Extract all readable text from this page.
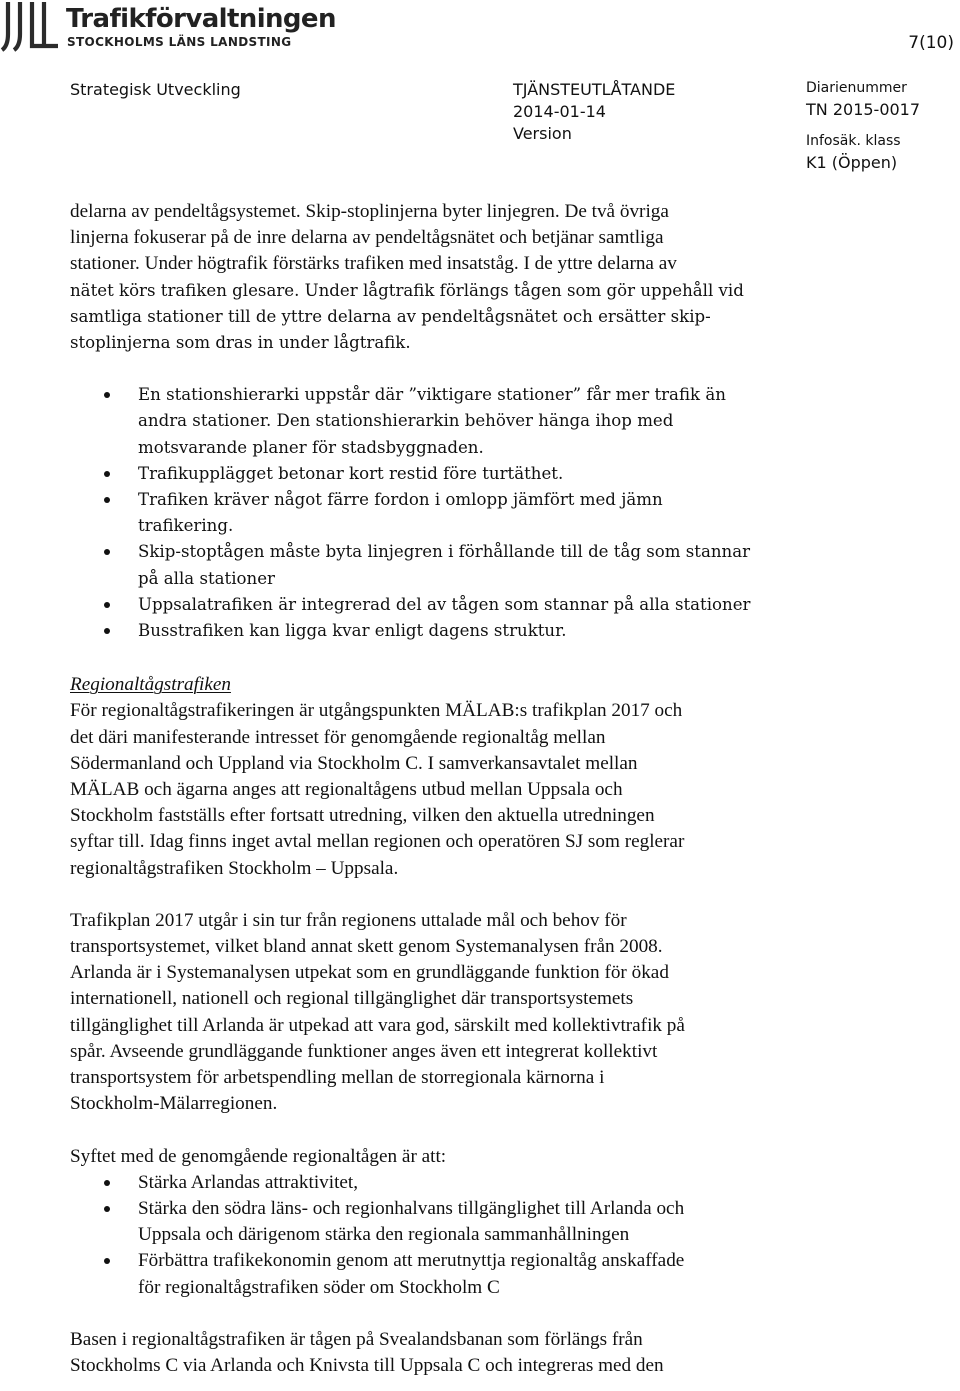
Trafikförvaltningen

STOCKHOLMS LÄNS LANDSTING	7(10)
Strategisk Utveckling	TJÄNSTEUTLÅTANDE
2014-01-14
Version
Diarienummer
TN 2015-0017
Infosäk. klass
K1 (Öppen)

delarna av pendeltågsystemet. Skip-stoplinjerna byter linjegren. De två övriga

linjerna fokuserar på de inre delarna av pendeltågsnätet och betjänar samtliga

stationer. Under högtrafik förstärks trafiken med insatståg. I de yttre delarna av

nätet körs trafiken glesare. Under lågtrafik förlängs tågen som gör uppehåll vid

samtliga stationer till de yttre delarna av pendeltågsnätet och ersätter skip-

stoplinjerna som dras in under lågtrafik.

En stationshierarki uppstår där ”viktigare stationer” får mer trafik än
andra stationer. Den stationshierarkin behöver hänga ihop med
motsvarande planer för stadsbyggnaden.
Trafikupplägget betonar kort restid före turtäthet.
Trafiken kräver något färre fordon i omlopp jämfört med jämn
trafikering.
Skip-stoptågen måste byta linjegren i förhållande till de tåg som stannar
på alla stationer
Uppsalatrafiken är integrerad del av tågen som stannar på alla stationer
Busstrafiken kan ligga kvar enligt dagens struktur.

Regionaltågstrafiken

För regionaltågstrafikeringen är utgångspunkten MÄLAB:s trafikplan 2017 och

det däri manifesterande intresset för genomgående regionaltåg mellan

Södermanland och Uppland via Stockholm C. I samverkansavtalet mellan

MÄLAB och ägarna anges att regionaltågens utbud mellan Uppsala och

Stockholm fastställs efter fortsatt utredning, vilken den aktuella utredningen

syftar till. Idag finns inget avtal mellan regionen och operatören SJ som reglerar

regionaltågstrafiken Stockholm – Uppsala.

Trafikplan 2017 utgår i sin tur från regionens uttalade mål och behov för

transportsystemet, vilket bland annat skett genom Systemanalysen från 2008.

Arlanda är i Systemanalysen utpekat som en grundläggande funktion för ökad

internationell, nationell och regional tillgänglighet där transportsystemets

tillgänglighet till Arlanda är utpekad att vara god, särskilt med kollektivtrafik på

spår. Avseende grundläggande funktioner anges även ett integrerat kollektivt

transportsystem för arbetspendling mellan de storregionala kärnorna i

Stockholm-Mälarregionen.

Syftet med de genomgående regionaltågen är att:

Stärka Arlandas attraktivitet,
Stärka den södra läns- och regionhalvans tillgänglighet till Arlanda och
Uppsala och därigenom stärka den regionala sammanhållningen
Förbättra trafikekonomin genom att merutnyttja regionaltåg anskaffade
för regionaltågstrafiken söder om Stockholm C

Basen i regionaltågstrafiken är tågen på Svealandsbanan som förlängs från

Stockholms C via Arlanda och Knivsta till Uppsala C och integreras med den
